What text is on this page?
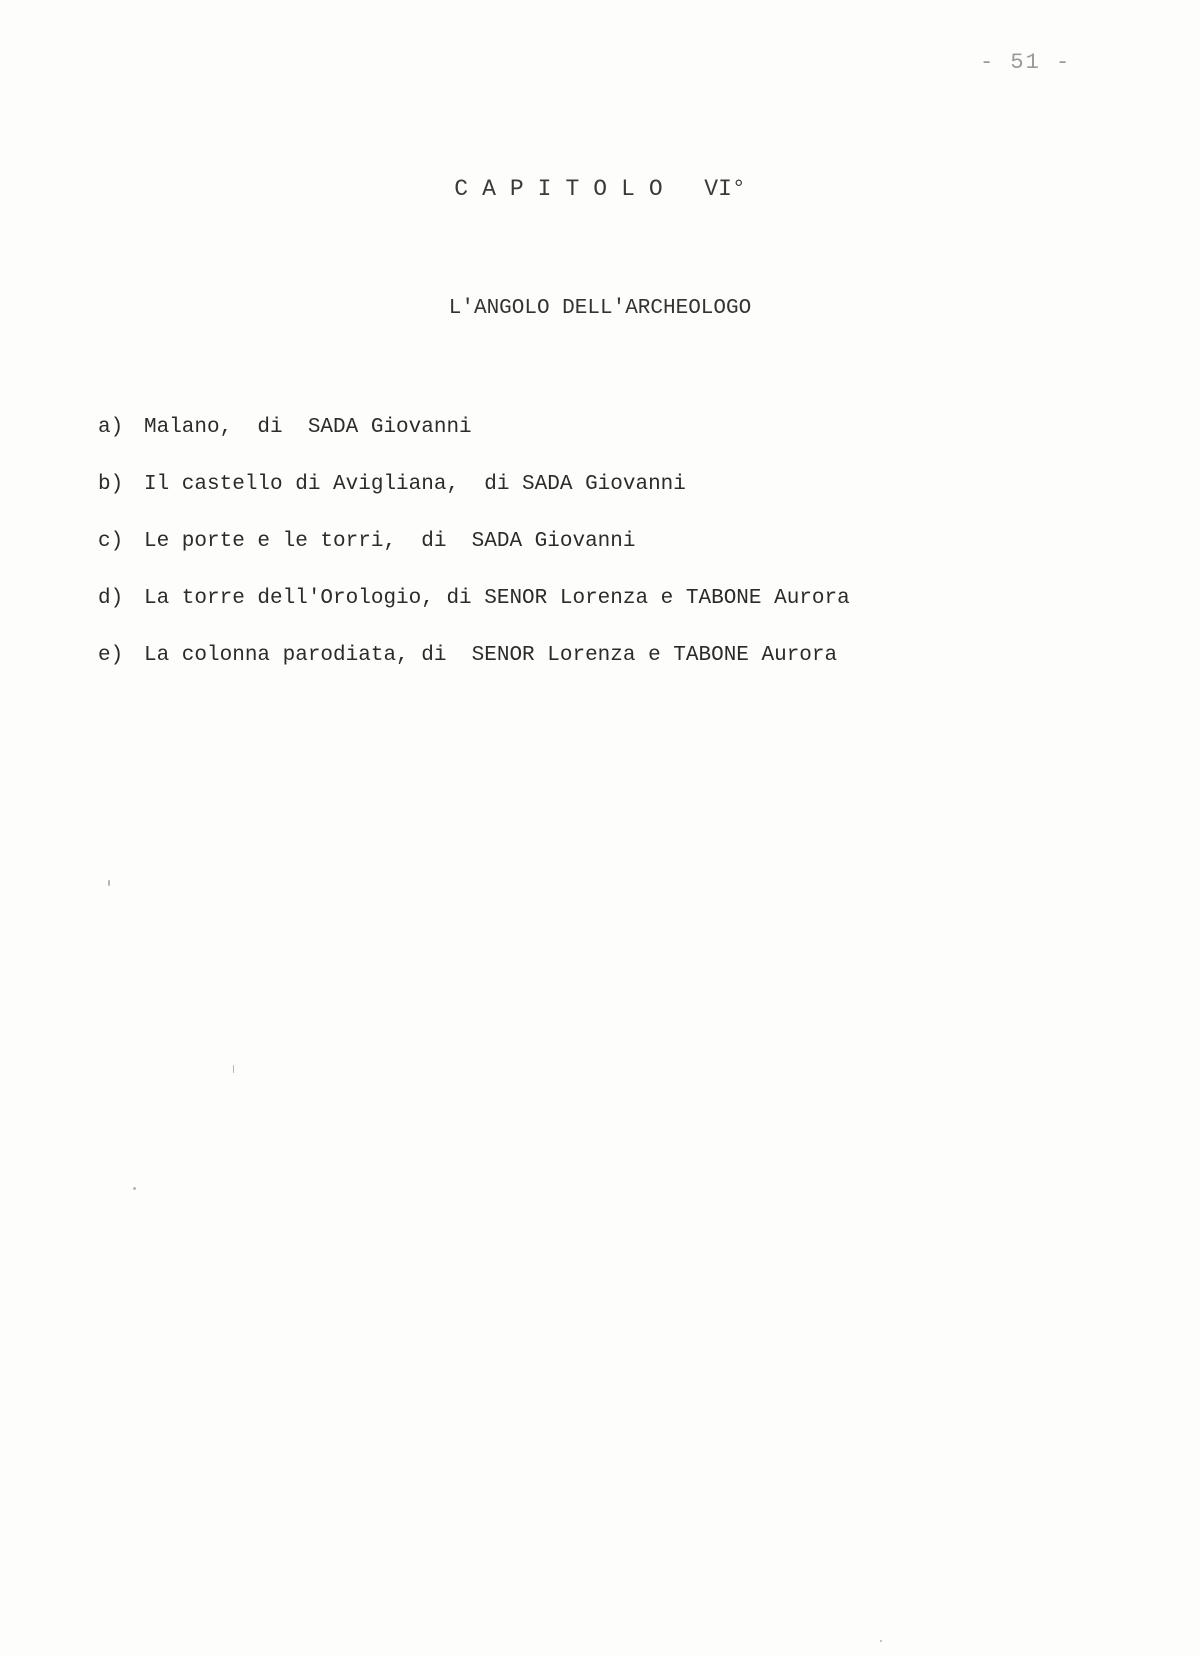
- 51 -
CAPITOLO VI°
L'ANGOLO DELL'ARCHEOLOGO
a) Malano,  di  SADA Giovanni
b) Il castello di Avigliana,  di SADA Giovanni
c) Le porte e le torri,  di  SADA Giovanni
d) La torre dell'Orologio, di SENOR Lorenza e TABONE Aurora
e) La colonna parodiata, di  SENOR Lorenza e TABONE Aurora
